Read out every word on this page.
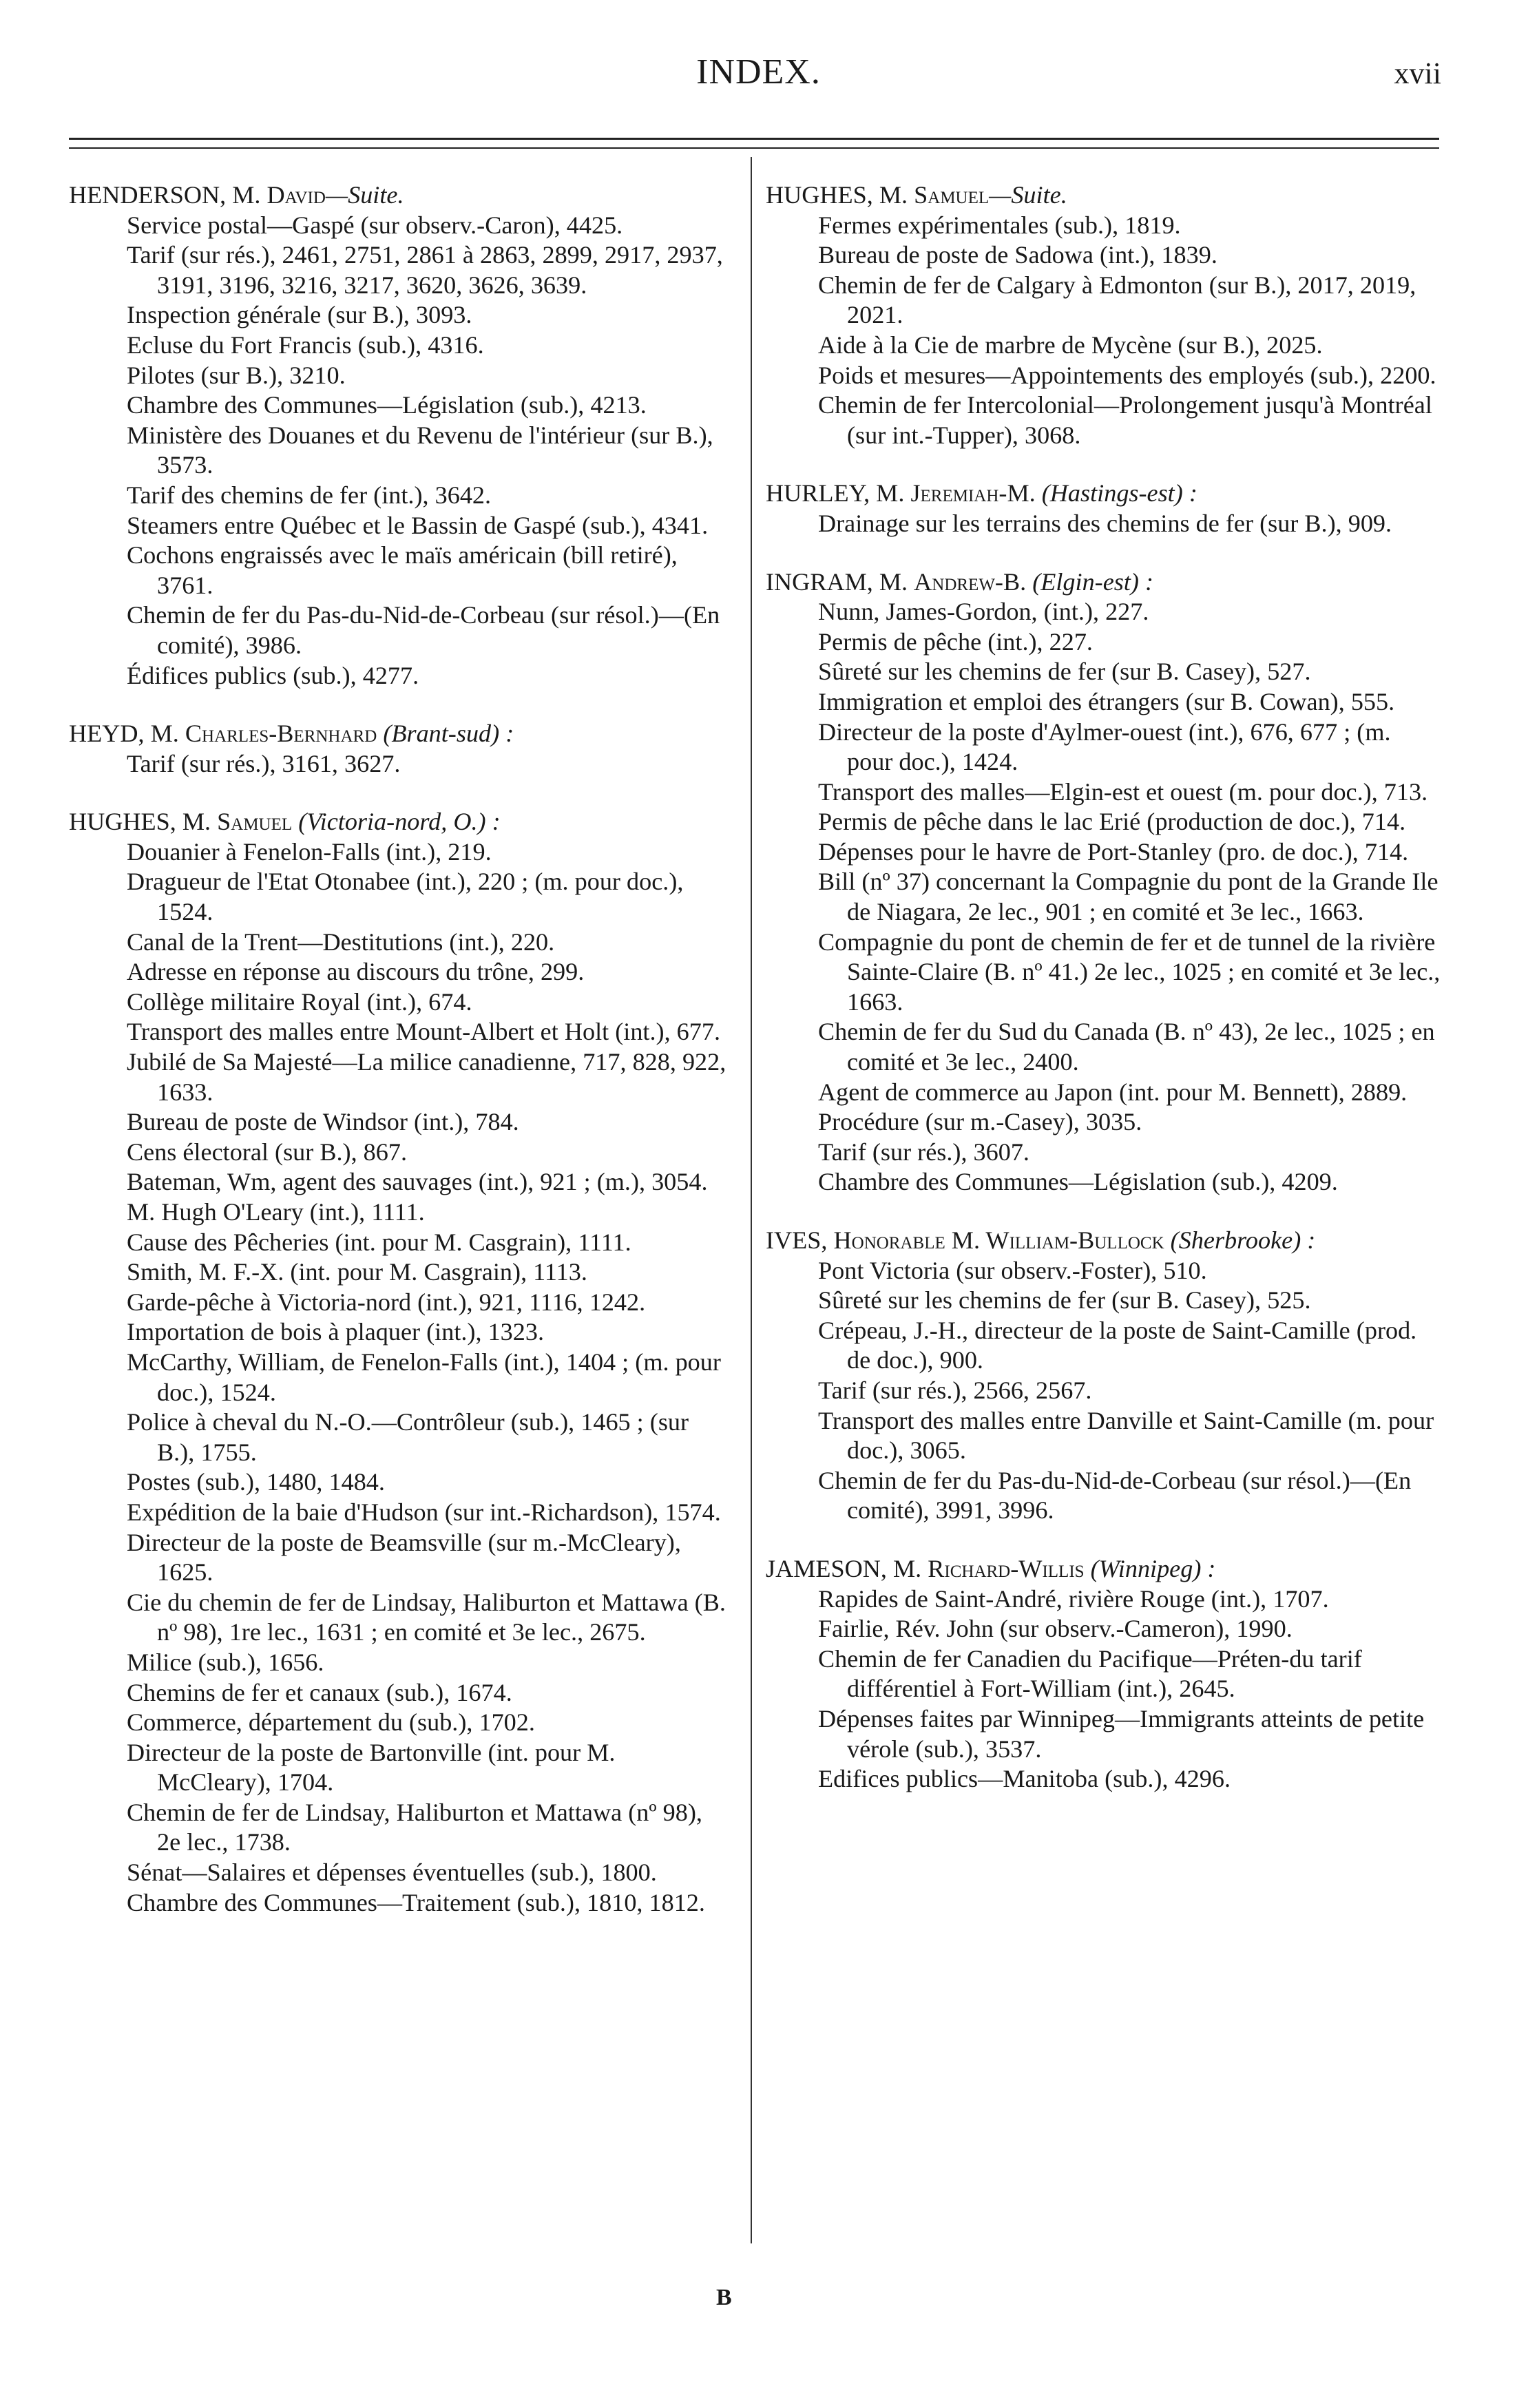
INDEX.	xvii
HENDERSON, M. David—Suite.
Service postal—Gaspé (sur observ.-Caron), 4425.
Tarif (sur rés.), 2461, 2751, 2861 à 2863, 2899, 2917, 2937, 3191, 3196, 3216, 3217, 3620, 3626, 3639.
Inspection générale (sur B.), 3093.
Ecluse du Fort Francis (sub.), 4316.
Pilotes (sur B.), 3210.
Chambre des Communes—Législation (sub.), 4213.
Ministère des Douanes et du Revenu de l'intérieur (sur B.), 3573.
Tarif des chemins de fer (int.), 3642.
Steamers entre Québec et le Bassin de Gaspé (sub.), 4341.
Cochons engraissés avec le maïs américain (bill retiré), 3761.
Chemin de fer du Pas-du-Nid-de-Corbeau (sur résol.)—(En comité), 3986.
Édifices publics (sub.), 4277.
HEYD, M. Charles-Bernhard (Brant-sud) :
Tarif (sur rés.), 3161, 3627.
HUGHES, M. Samuel (Victoria-nord, O.) :
Douanier à Fenelon-Falls (int.), 219.
Dragueur de l'Etat Otonabee (int.), 220 ; (m. pour doc.), 1524.
Canal de la Trent—Destitutions (int.), 220.
Adresse en réponse au discours du trône, 299.
Collège militaire Royal (int.), 674.
Transport des malles entre Mount-Albert et Holt (int.), 677.
Jubilé de Sa Majesté—La milice canadienne, 717, 828, 922, 1633.
Bureau de poste de Windsor (int.), 784.
Cens électoral (sur B.), 867.
Bateman, Wm, agent des sauvages (int.), 921 ; (m.), 3054.
M. Hugh O'Leary (int.), 1111.
Cause des Pêcheries (int. pour M. Casgrain), 1111.
Smith, M. F.-X. (int. pour M. Casgrain), 1113.
Garde-pêche à Victoria-nord (int.), 921, 1116, 1242.
Importation de bois à plaquer (int.), 1323.
McCarthy, William, de Fenelon-Falls (int.), 1404 ; (m. pour doc.), 1524.
Police à cheval du N.-O.—Contrôleur (sub.), 1465 ; (sur B.), 1755.
Postes (sub.), 1480, 1484.
Expédition de la baie d'Hudson (sur int.-Richardson), 1574.
Directeur de la poste de Beamsville (sur m.-McCleary), 1625.
Cie du chemin de fer de Lindsay, Haliburton et Mattawa (B. nº 98), 1re lec., 1631 ; en comité et 3e lec., 2675.
Milice (sub.), 1656.
Chemins de fer et canaux (sub.), 1674.
Commerce, département du (sub.), 1702.
Directeur de la poste de Bartonville (int. pour M. McCleary), 1704.
Chemin de fer de Lindsay, Haliburton et Mattawa (nº 98), 2e lec., 1738.
Sénat—Salaires et dépenses éventuelles (sub.), 1800.
Chambre des Communes—Traitement (sub.), 1810, 1812.
HUGHES, M. Samuel—Suite.
Fermes expérimentales (sub.), 1819.
Bureau de poste de Sadowa (int.), 1839.
Chemin de fer de Calgary à Edmonton (sur B.), 2017, 2019, 2021.
Aide à la Cie de marbre de Mycène (sur B.), 2025.
Poids et mesures—Appointements des employés (sub.), 2200.
Chemin de fer Intercolonial—Prolongement jusqu'à Montréal (sur int.-Tupper), 3068.
HURLEY, M. Jeremiah-M. (Hastings-est) :
Drainage sur les terrains des chemins de fer (sur B.), 909.
INGRAM, M. Andrew-B. (Elgin-est) :
Nunn, James-Gordon, (int.), 227.
Permis de pêche (int.), 227.
Sûreté sur les chemins de fer (sur B. Casey), 527.
Immigration et emploi des étrangers (sur B. Cowan), 555.
Directeur de la poste d'Aylmer-ouest (int.), 676, 677 ; (m. pour doc.), 1424.
Transport des malles—Elgin-est et ouest (m. pour doc.), 713.
Permis de pêche dans le lac Erié (production de doc.), 714.
Dépenses pour le havre de Port-Stanley (pro. de doc.), 714.
Bill (nº 37) concernant la Compagnie du pont de la Grande Ile de Niagara, 2e lec., 901 ; en comité et 3e lec., 1663.
Compagnie du pont de chemin de fer et de tunnel de la rivière Sainte-Claire (B. nº 41.) 2e lec., 1025 ; en comité et 3e lec., 1663.
Chemin de fer du Sud du Canada (B. nº 43), 2e lec., 1025 ; en comité et 3e lec., 2400.
Agent de commerce au Japon (int. pour M. Bennett), 2889.
Procédure (sur m.-Casey), 3035.
Tarif (sur rés.), 3607.
Chambre des Communes—Législation (sub.), 4209.
IVES, Honorable M. William-Bullock (Sherbrooke) :
Pont Victoria (sur observ.-Foster), 510.
Sûreté sur les chemins de fer (sur B. Casey), 525.
Crépeau, J.-H., directeur de la poste de Saint-Camille (prod. de doc.), 900.
Tarif (sur rés.), 2566, 2567.
Transport des malles entre Danville et Saint-Camille (m. pour doc.), 3065.
Chemin de fer du Pas-du-Nid-de-Corbeau (sur résol.)—(En comité), 3991, 3996.
JAMESON, M. Richard-Willis (Winnipeg) :
Rapides de Saint-André, rivière Rouge (int.), 1707.
Fairlie, Rév. John (sur observ.-Cameron), 1990.
Chemin de fer Canadien du Pacifique—Préten-du tarif différentiel à Fort-William (int.), 2645.
Dépenses faites par Winnipeg—Immigrants atteints de petite vérole (sub.), 3537.
Edifices publics—Manitoba (sub.), 4296.
B
